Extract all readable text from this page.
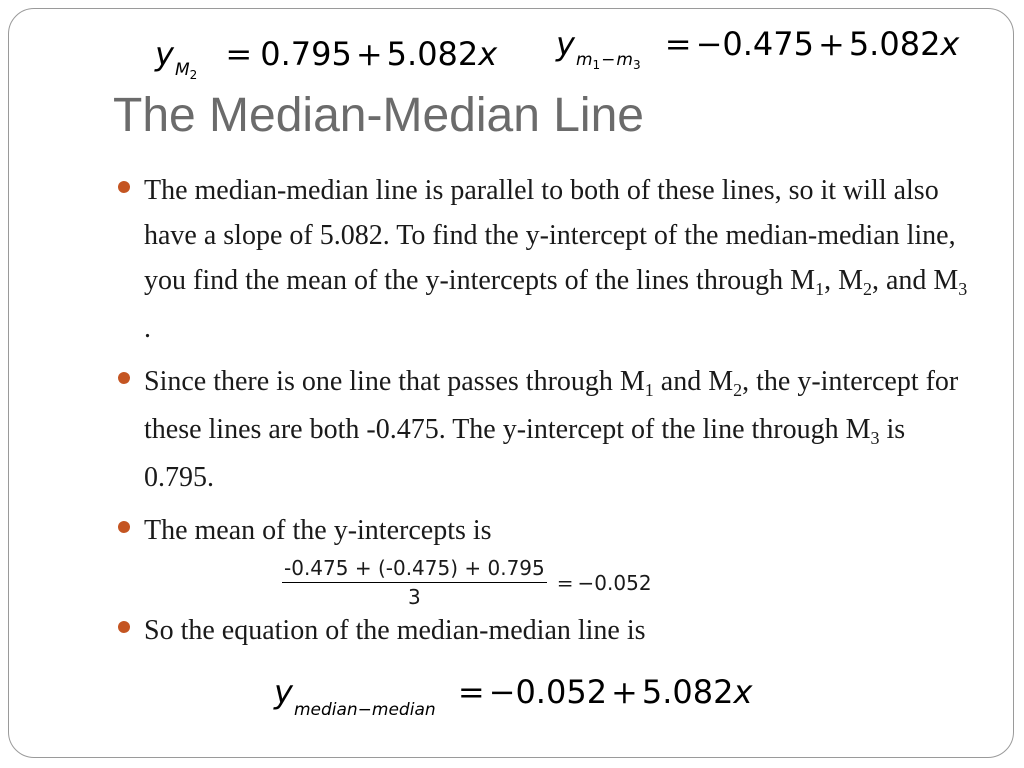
$y_{M2} = 0.795 + 5.082x$ $y_{m1-m3} = -0.475 + 5.082x$
The Median-Median Line
The median-median line is parallel to both of these lines, so it will also have a slope of 5.082. To find the y-intercept of the median-median line, you find the mean of the y-intercepts of the lines through $M_1$, $M_2$, and $M_3$ .
Since there is one line that passes through $M_1$ and $M_2$, the y-intercept for these lines are both -0.475. The y-intercept of the line through $M_3$ is 0.795.
The mean of the y-intercepts is
$\frac{-0.475 + (-0.475) + 0.795}{3} = -0.052$
So the equation of the median-median line is
$y_{median-median} = -0.052 + 5.082x$
